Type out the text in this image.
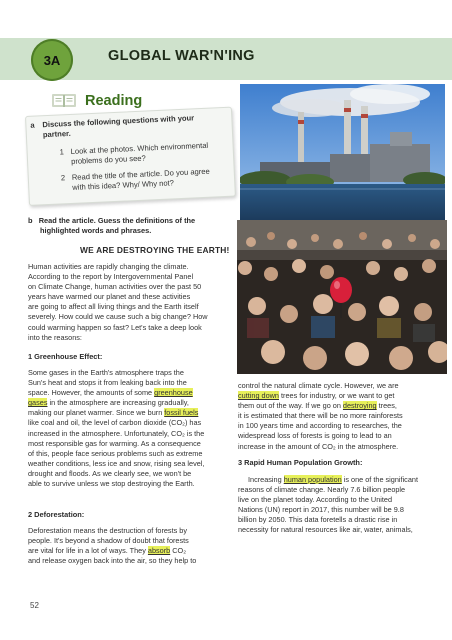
3A	GLOBAL WAR'N'ING
Reading
a Discuss the following questions with your
partner.
1 Look at the photos. Which environmental
problems do you see?
2 Read the title of the article. Do you agree
with this idea? Why/ Why not?
b Read the article. Guess the definitions of the
highlighted words and phrases.
WE ARE DESTROYING THE EARTH!
Human activities are rapidly changing the climate.
According to the report by Intergovernmental Panel
on Climate Change, human activities over the past 50
years have warmed our planet and these activities
are going to affect all living things and the Earth itself
severely. How could we cause such a big change? How
could warming happen so fast? Let's take a deep look
into the reasons:
1 Greenhouse Effect:
Some gases in the Earth's atmosphere traps the
Sun's heat and stops it from leaking back into the
space. However, the amounts of some greenhouse
gases in the atmosphere are increasing gradually,
making our planet warmer. Since we burn fossil fuels
like coal and oil, the level of carbon dioxide (CO₂) has
increased in the atmosphere. Unfortunately, CO₂ is the
most responsible gas for warming. As a consequence
of this, people face serious problems such as extreme
weather conditions, less ice and snow, rising sea level,
drought and floods. As we clearly see, we won't be
able to survive unless we stop destroying the Earth.
2 Deforestation:
Deforestation means the destruction of forests by
people. It's beyond a shadow of doubt that forests
are vital for life in a lot of ways. They absorb CO₂
and release oxygen back into the air, so they help to
control the natural climate cycle. However, we are
cutting down trees for industry, or we want to get
them out of the way. If we go on destroying trees,
it is estimated that there will be no more rainforests
in 100 years time and according to researches, the
widespread loss of forests is going to lead to an
increase in the amount of CO₂ in the atmosphere.
3 Rapid Human Population Growth:
Increasing human population is one of the significant
reasons of climate change. Nearly 7.6 billion people
live on the planet today. According to the United
Nations (UN) report in 2017, this number will be 9.8
billion by 2050. This data foretells a drastic rise in
necessity for natural resources like air, water, animals,
52
